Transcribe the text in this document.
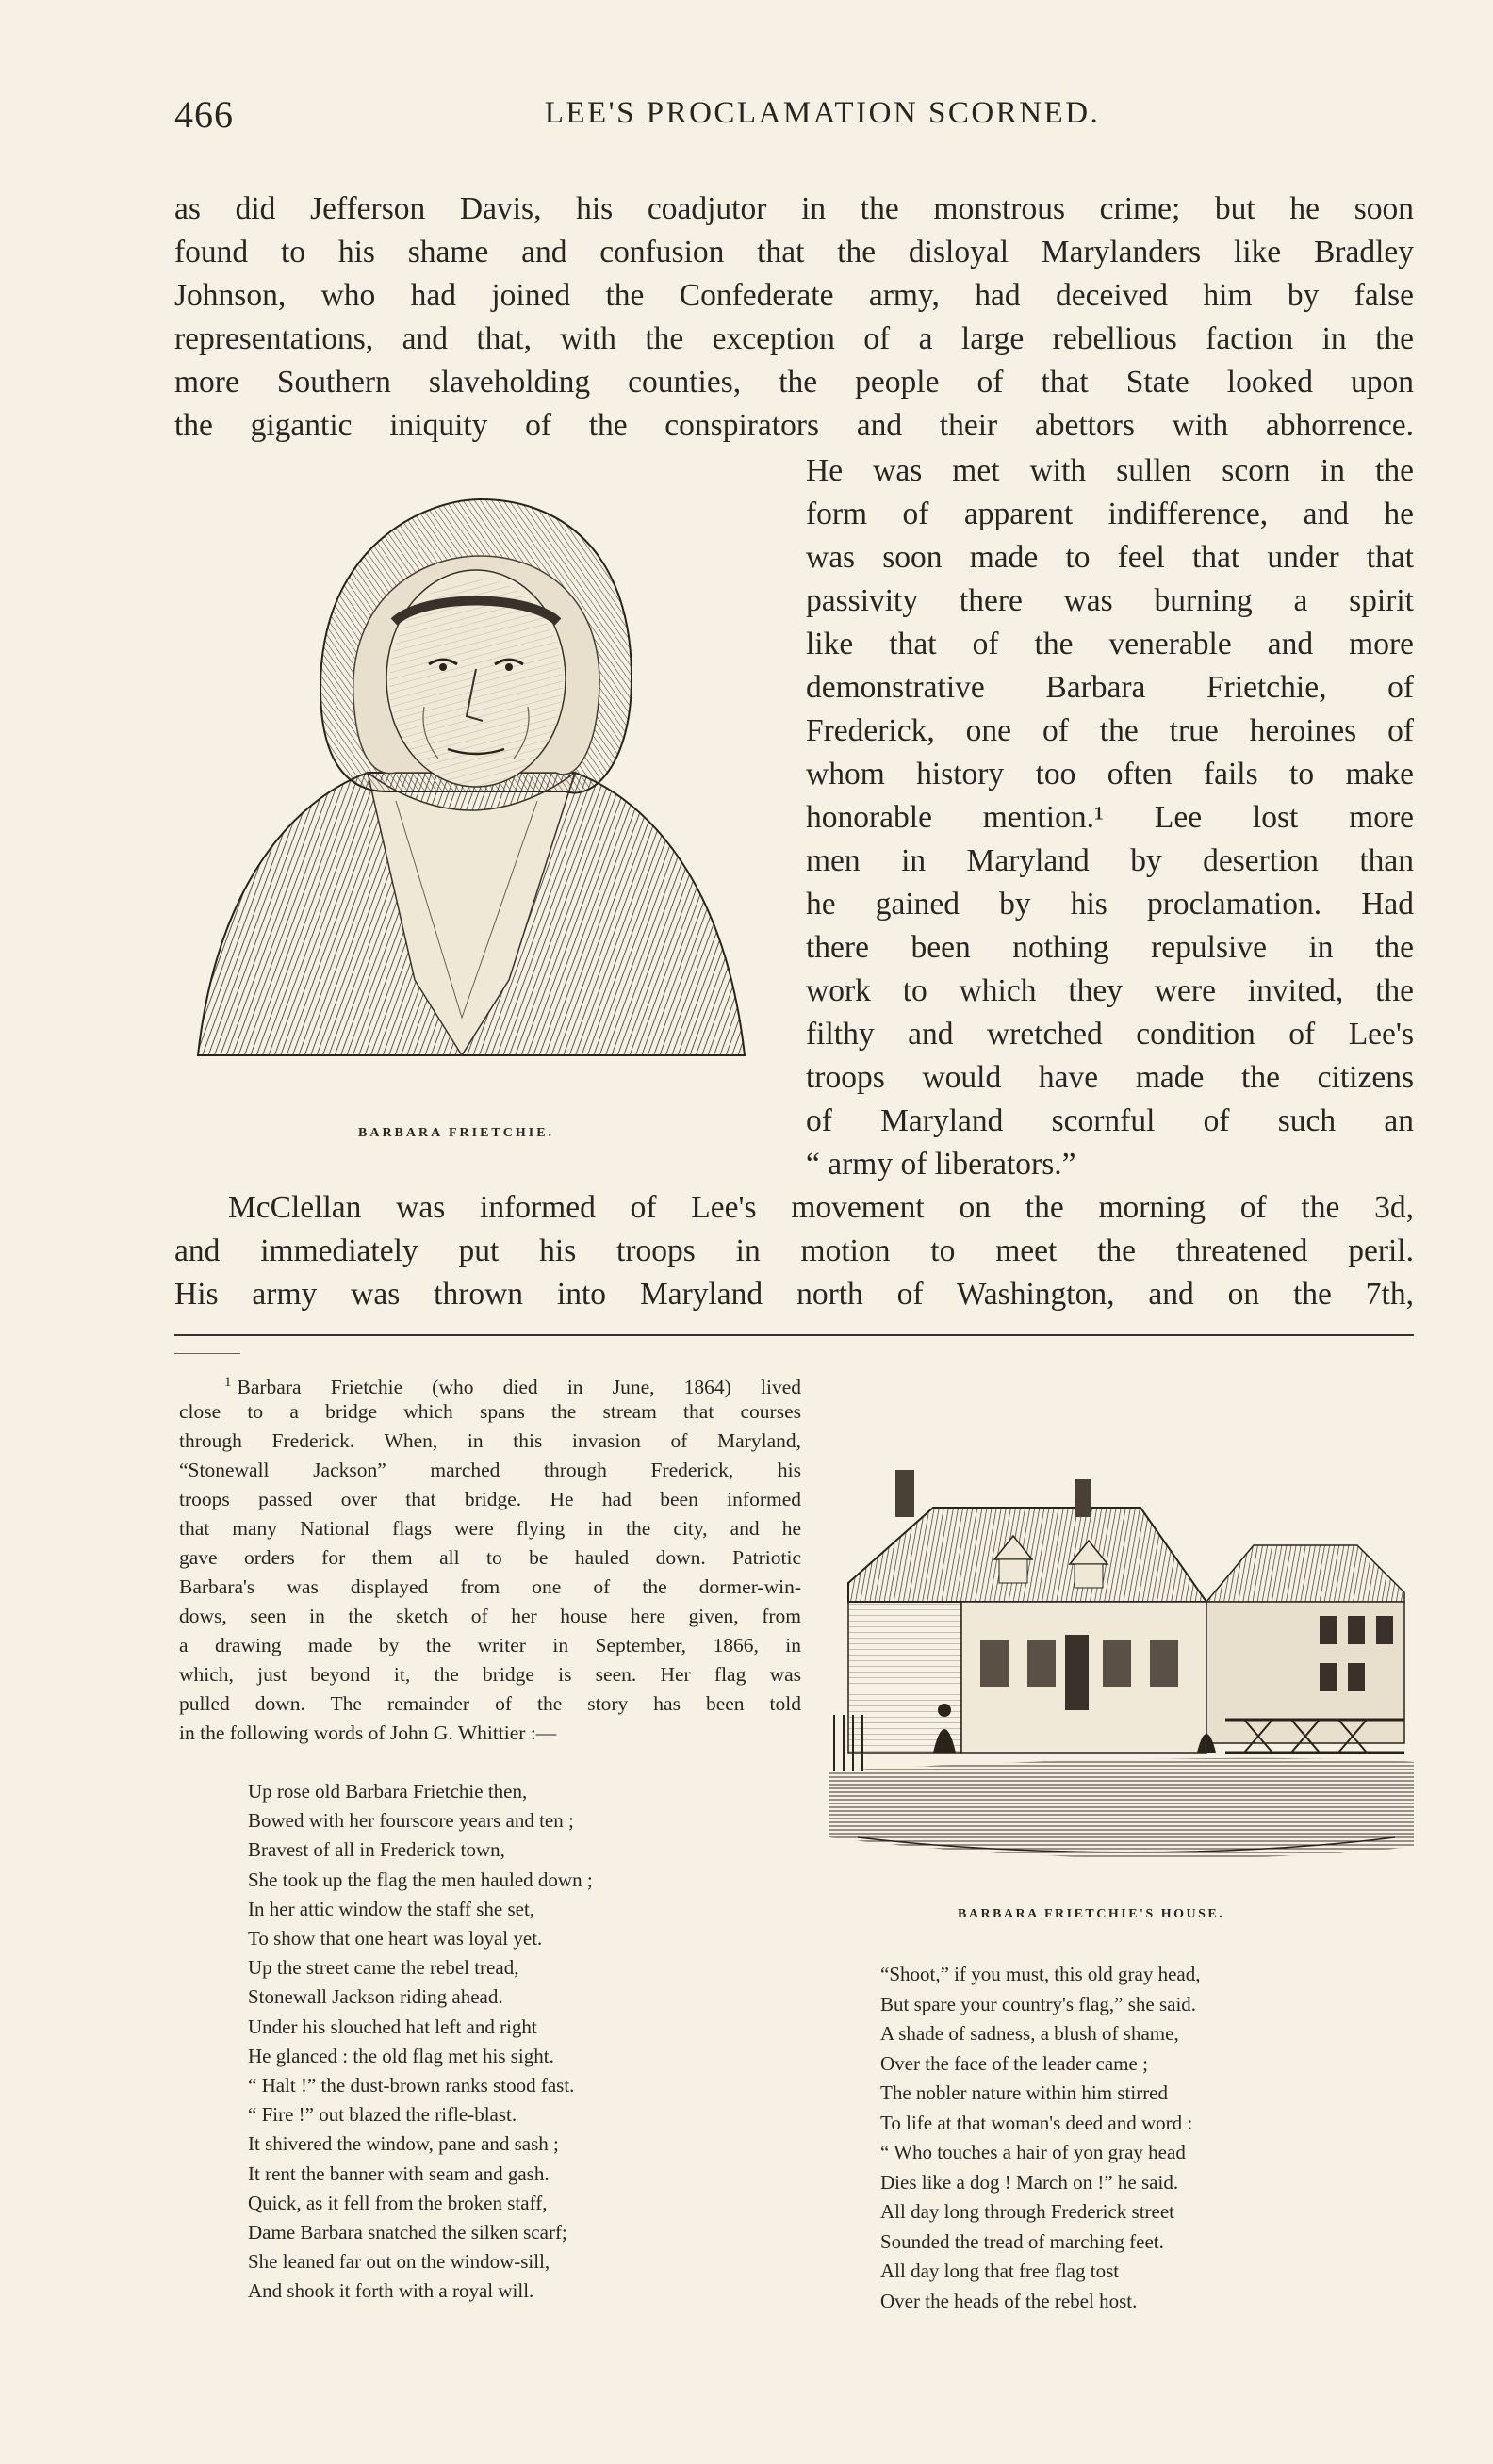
466	LEE'S PROCLAMATION SCORNED.
as did Jefferson Davis, his coadjutor in the monstrous crime; but he soon
found to his shame and confusion that the disloyal Marylanders like Bradley
Johnson, who had joined the Confederate army, had deceived him by false
representations, and that, with the exception of a large rebellious faction in the
more Southern slaveholding counties, the people of that State looked upon
the gigantic iniquity of the conspirators and their abettors with abhorrence.
He was met with sullen scorn in the
form of apparent indifference, and he
was soon made to feel that under that
passivity there was burning a spirit
like that of the venerable and more
demonstrative Barbara Frietchie, of
Frederick, one of the true heroines of
whom history too often fails to make
honorable mention.¹ Lee lost more
men in Maryland by desertion than
he gained by his proclamation. Had
there been nothing repulsive in the
work to which they were invited, the
filthy and wretched condition of Lee's
troops would have made the citizens
of Maryland scornful of such an
“ army of liberators.”
McClellan was informed of Lee's movement on the morning of the 3d,
and immediately put his troops in motion to meet the threatened peril.
His army was thrown into Maryland north of Washington, and on the 7th,
BARBARA FRIETCHIE.
$^1$ Barbara Frietchie (who died in June, 1864) lived
close to a bridge which spans the stream that courses
through Frederick. When, in this invasion of Maryland,
“Stonewall Jackson” marched through Frederick, his
troops passed over that bridge. He had been informed
that many National flags were flying in the city, and he
gave orders for them all to be hauled down. Patriotic
Barbara's was displayed from one of the dormer-win-
dows, seen in the sketch of her house here given, from
a drawing made by the writer in September, 1866, in
which, just beyond it, the bridge is seen. Her flag was
pulled down. The remainder of the story has been told
in the following words of John G. Whittier :—
BARBARA FRIETCHIE'S HOUSE.
Up rose old Barbara Frietchie then,
Bowed with her fourscore years and ten ;
Bravest of all in Frederick town,
She took up the flag the men hauled down ;
In her attic window the staff she set,
To show that one heart was loyal yet.
Up the street came the rebel tread,
Stonewall Jackson riding ahead.
Under his slouched hat left and right
He glanced : the old flag met his sight.
“ Halt !” the dust-brown ranks stood fast.
“ Fire !” out blazed the rifle-blast.
It shivered the window, pane and sash ;
It rent the banner with seam and gash.
Quick, as it fell from the broken staff,
Dame Barbara snatched the silken scarf;
She leaned far out on the window-sill,
And shook it forth with a royal will.
“Shoot,” if you must, this old gray head,
But spare your country's flag,” she said.
A shade of sadness, a blush of shame,
Over the face of the leader came ;
The nobler nature within him stirred
To life at that woman's deed and word :
“ Who touches a hair of yon gray head
Dies like a dog ! March on !” he said.
All day long through Frederick street
Sounded the tread of marching feet.
All day long that free flag tost
Over the heads of the rebel host.
